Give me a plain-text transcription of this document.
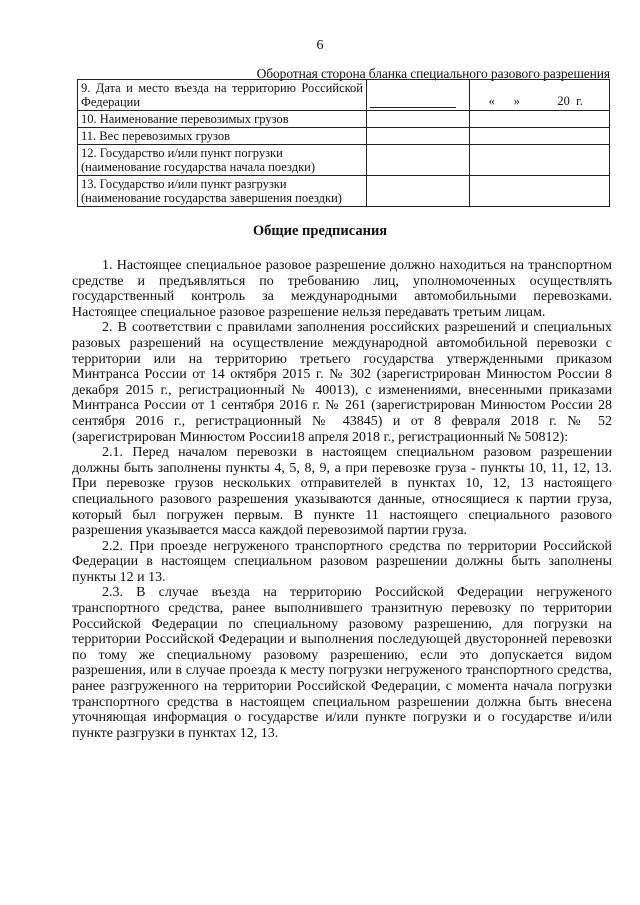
6
Оборотная сторона бланка специального разового разрешения
9. Дата и место въезда на территорию Российской Федерации		« » 20 г.
10. Наименование перевозимых грузов		
11. Вес перевозимых грузов		
12. Государство и/или пункт погрузки (наименование государства начала поездки)		
13. Государство и/или пункт разгрузки (наименование государства завершения поездки)		
Общие предписания

1. Настоящее специальное разовое разрешение должно находиться на транспортном средстве и предъявляться по требованию лиц, уполномоченных осуществлять государственный контроль за международными автомобильными перевозками. Настоящее специальное разовое разрешение нельзя передавать третьим лицам.

2. В соответствии с правилами заполнения российских разрешений и специальных разовых разрешений на осуществление международной автомобильной перевозки с территории или на территорию третьего государства утвержденными приказом Минтранса России от 14 октября 2015 г. № 302 (зарегистрирован Минюстом России 8 декабря 2015 г., регистрационный № 40013), с изменениями, внесенными приказами Минтранса России от 1 сентября 2016 г. № 261 (зарегистрирован Минюстом России 28 сентября 2016 г., регистрационный № 43845) и от 8 февраля 2018 г. № 52 (зарегистрирован Минюстом России18 апреля 2018 г., регистрационный № 50812):

2.1. Перед началом перевозки в настоящем специальном разовом разрешении должны быть заполнены пункты 4, 5, 8, 9, а при перевозке груза - пункты 10, 11, 12, 13. При перевозке грузов нескольких отправителей в пунктах 10, 12, 13 настоящего специального разового разрешения указываются данные, относящиеся к партии груза, который был погружен первым. В пункте 11 настоящего специального разового разрешения указывается масса каждой перевозимой партии груза.

2.2. При проезде негруженого транспортного средства по территории Российской Федерации в настоящем специальном разовом разрешении должны быть заполнены пункты 12 и 13.

2.3. В случае въезда на территорию Российской Федерации негруженого транспортного средства, ранее выполнившего транзитную перевозку по территории Российской Федерации по специальному разовому разрешению, для погрузки на территории Российской Федерации и выполнения последующей двусторонней перевозки по тому же специальному разовому разрешению, если это допускается видом разрешения, или в случае проезда к месту погрузки негруженого транспортного средства, ранее разгруженного на территории Российской Федерации, с момента начала погрузки транспортного средства в настоящем специальном разрешении должна быть внесена уточняющая информация о государстве и/или пункте погрузки и о государстве и/или пункте разгрузки в пунктах 12, 13.
